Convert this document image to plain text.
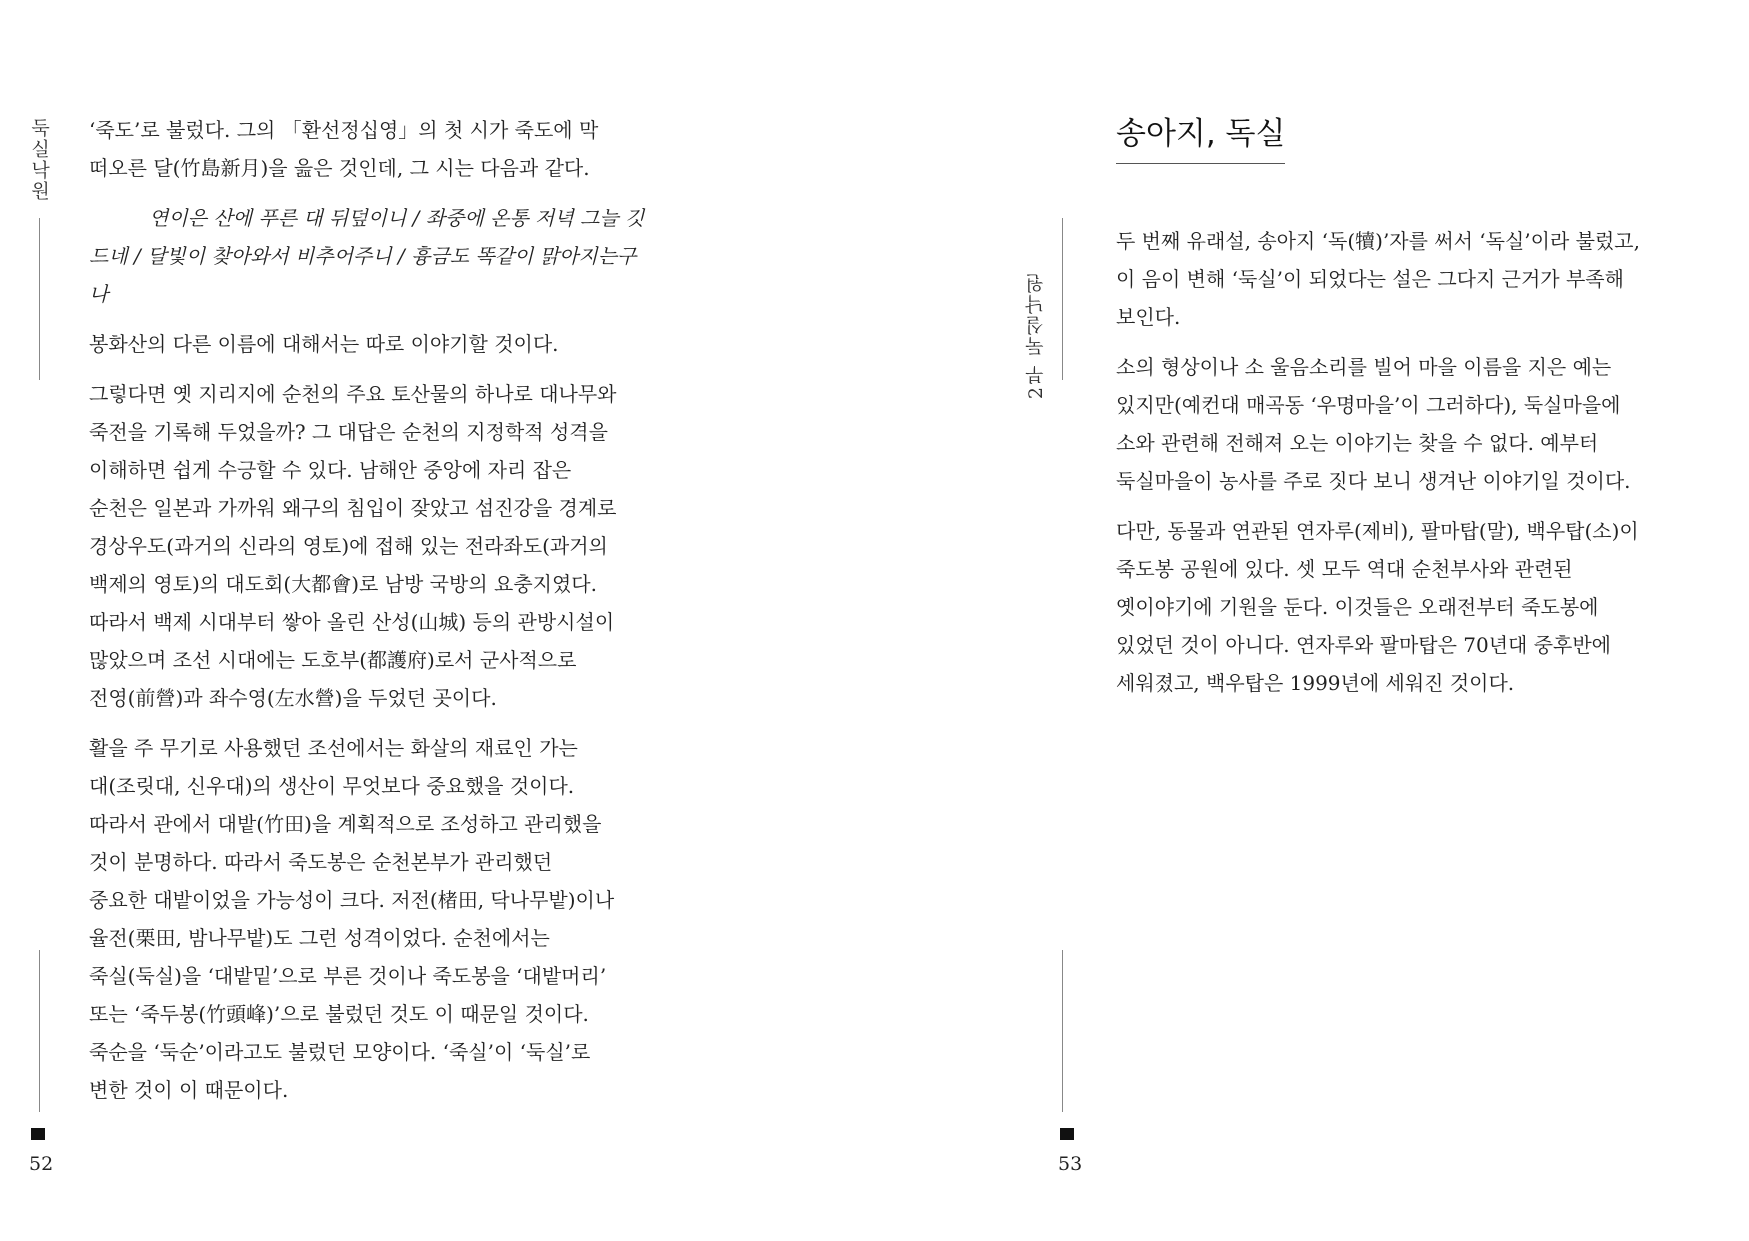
둑실낙원
52

‘죽도’로 불렀다. 그의 「환선정십영」의 첫 시가 죽도에 막
떠오른 달(竹島新月)을 읊은 것인데, 그 시는 다음과 같다.

연이은 산에 푸른 대 뒤덮이니 / 좌중에 온통 저녁 그늘 깃드네 / 달빛이 찾아와서 비추어주니 / 흉금도 똑같이 맑아지는구나

봉화산의 다른 이름에 대해서는 따로 이야기할 것이다.

그렇다면 옛 지리지에 순천의 주요 토산물의 하나로 대나무와
죽전을 기록해 두었을까? 그 대답은 순천의 지정학적 성격을
이해하면 쉽게 수긍할 수 있다. 남해안 중앙에 자리 잡은
순천은 일본과 가까워 왜구의 침입이 잦았고 섬진강을 경계로
경상우도(과거의 신라의 영토)에 접해 있는 전라좌도(과거의
백제의 영토)의 대도회(大都會)로 남방 국방의 요충지였다.
따라서 백제 시대부터 쌓아 올린 산성(山城) 등의 관방시설이
많았으며 조선 시대에는 도호부(都護府)로서 군사적으로
전영(前營)과 좌수영(左水營)을 두었던 곳이다.

활을 주 무기로 사용했던 조선에서는 화살의 재료인 가는
대(조릿대, 신우대)의 생산이 무엇보다 중요했을 것이다.
따라서 관에서 대밭(竹田)을 계획적으로 조성하고 관리했을
것이 분명하다. 따라서 죽도봉은 순천본부가 관리했던
중요한 대밭이었을 가능성이 크다. 저전(楮田, 닥나무밭)이나
율전(栗田, 밤나무밭)도 그런 성격이었다. 순천에서는
죽실(둑실)을 ‘대밭밑’으로 부른 것이나 죽도봉을 ‘대밭머리’
또는 ‘죽두봉(竹頭峰)’으로 불렀던 것도 이 때문일 것이다.
죽순을 ‘둑순’이라고도 불렀던 모양이다. ‘죽실’이 ‘둑실’로
변한 것이 이 때문이다.

53
2부 둑실낙원
송아지, 독실

두 번째 유래설, 송아지 ‘독(犢)’자를 써서 ‘독실’이라 불렀고,
이 음이 변해 ‘둑실’이 되었다는 설은 그다지 근거가 부족해
보인다.

소의 형상이나 소 울음소리를 빌어 마을 이름을 지은 예는
있지만(예컨대 매곡동 ‘우명마을’이 그러하다), 둑실마을에
소와 관련해 전해져 오는 이야기는 찾을 수 없다. 예부터
둑실마을이 농사를 주로 짓다 보니 생겨난 이야기일 것이다.

다만, 동물과 연관된 연자루(제비), 팔마탑(말), 백우탑(소)이
죽도봉 공원에 있다. 셋 모두 역대 순천부사와 관련된
옛이야기에 기원을 둔다. 이것들은 오래전부터 죽도봉에
있었던 것이 아니다. 연자루와 팔마탑은 70년대 중후반에
세워졌고, 백우탑은 1999년에 세워진 것이다.
